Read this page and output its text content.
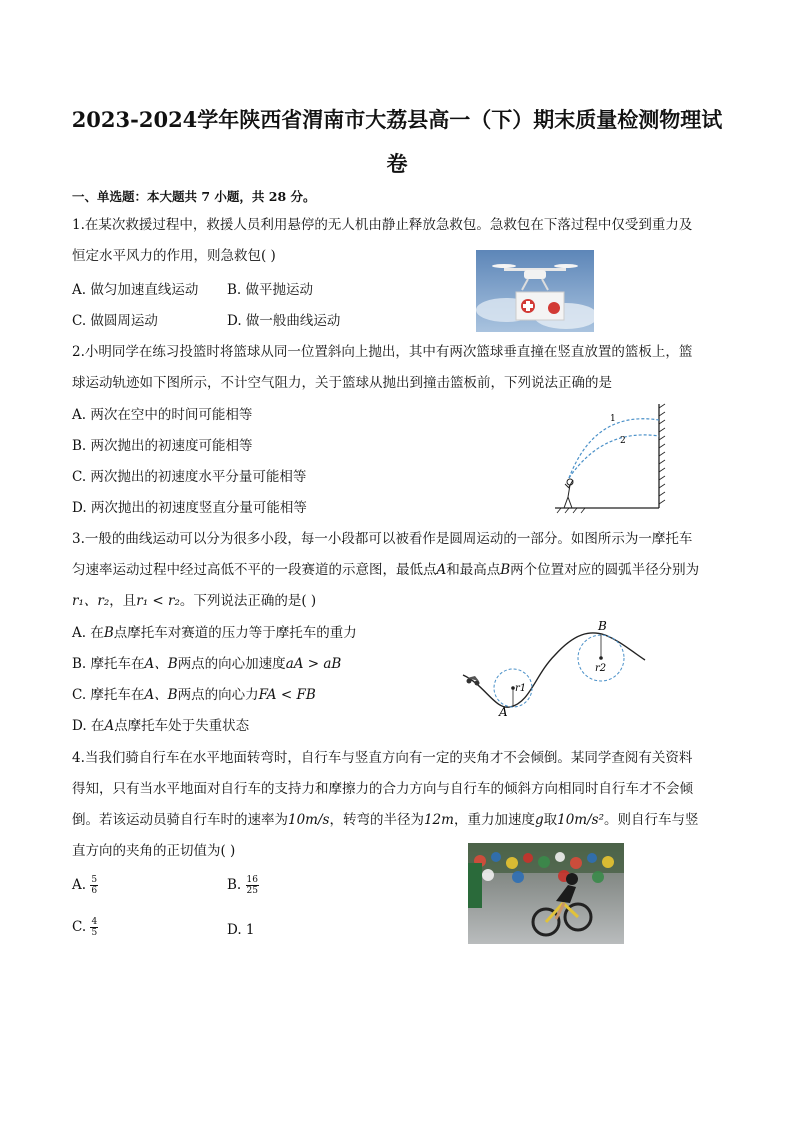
2023-2024学年陕西省渭南市大荔县高一（下）期末质量检测物理试
卷
一、单选题：本大题共 7 小题，共 28 分。
1.在某次救援过程中，救援人员利用悬停的无人机由静止释放急救包。急救包在下落过程中仅受到重力及
恒定水平风力的作用，则急救包( )
A. 做匀加速直线运动 B. 做平抛运动
C. 做圆周运动	D. 做一般曲线运动
2.小明同学在练习投篮时将篮球从同一位置斜向上抛出，其中有两次篮球垂直撞在竖直放置的篮板上，篮
球运动轨迹如下图所示，不计空气阻力，关于篮球从抛出到撞击篮板前，下列说法正确的是
A. 两次在空中的时间可能相等
B. 两次抛出的初速度可能相等
C. 两次抛出的初速度水平分量可能相等
D. 两次抛出的初速度竖直分量可能相等
1
2
3.一般的曲线运动可以分为很多小段，每一小段都可以被看作是圆周运动的一部分。如图所示为一摩托车
匀速率运动过程中经过高低不平的一段赛道的示意图，最低点A和最高点B两个位置对应的圆弧半径分别为
r₁、r₂，且r₁ < r₂。下列说法正确的是( )
A. 在B点摩托车对赛道的压力等于摩托车的重力
B. 摩托车在A、B两点的向心加速度aA > aB
C. 摩托车在A、B两点的向心力FA < FB
D. 在A点摩托车处于失重状态
r1
r2
A
B
4.当我们骑自行车在水平地面转弯时，自行车与竖直方向有一定的夹角才不会倾倒。某同学查阅有关资料
得知，只有当水平地面对自行车的支持力和摩擦力的合力方向与自行车的倾斜方向相同时自行车才不会倾
倒。若该运动员骑自行车时的速率为10m/s，转弯的半径为12m，重力加速度g取10m/s²。则自行车与竖
直方向的夹角的正切值为( )
A. $\frac{5}{6}$	B. $\frac{16}{25}$
C. $\frac{4}{5}$	D. 1
